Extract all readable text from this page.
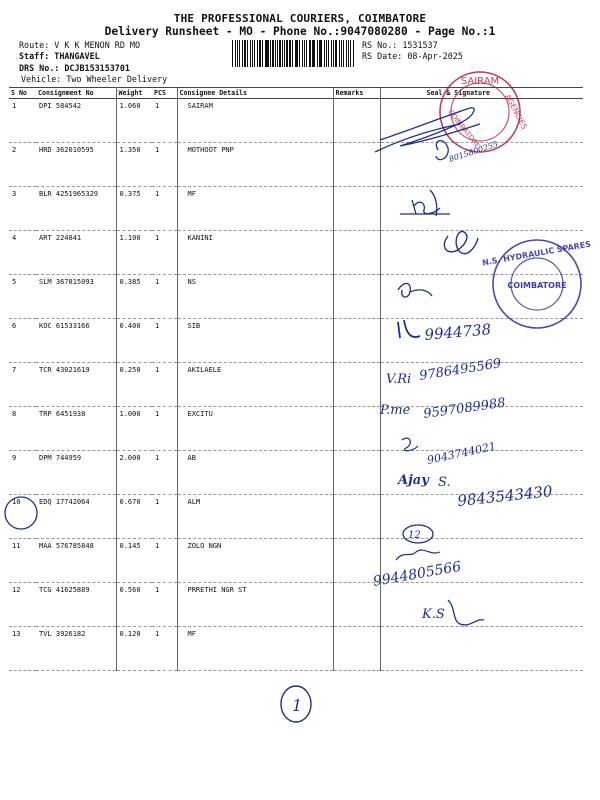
THE PROFESSIONAL COURIERS, COIMBATORE
Delivery Runsheet - MO - Phone No.:9047080280 - Page No.:1
Route: V K K MENON RD MO
Staff: THANGAVEL
DRS No.: DCJB153153701
Vehicle: Two Wheeler Delivery
RS No.: 1531537
RS Date: 08-Apr-2025
S No	Consignment No	Weight	PCS	Consignee Details	Remarks	Seal & Signature
1	DPI 584542	1.060	1	SAIRAM		
2	HRD 362010595	1.350	1	MOTHOOT PNP		
3	BLR 4251965329	0.375	1	MF		
4	ART 224841	1.100	1	KANINI		
5	SLM 367815093	0.385	1	NS		
6	KOC 61533166	0.400	1	SIB		
7	TCR 43021619	0.250	1	AKILAELE		
8	TRP 6451938	1.000	1	EXCITU		
9	DPM 744959	2.000	1	AB		
10	EDQ 17742064	0.670	1	ALM		
11	MAA 576785848	0.145	1	ZOLO NGN		
12	TCG 41625889	0.560	1	PRRETHI NGR ST		
13	TVL 3926182	0.120	1	MF		
SAIRAM
AGENCIES
COIMBATORE
8015800255
N.S. HYDRAULIC SPARES
COIMBATORE
9944738
V.Ri 9786495569
P.me 9597089988
9043744021
Ajay S. 9843543430
12
9944805566
K.S
1
